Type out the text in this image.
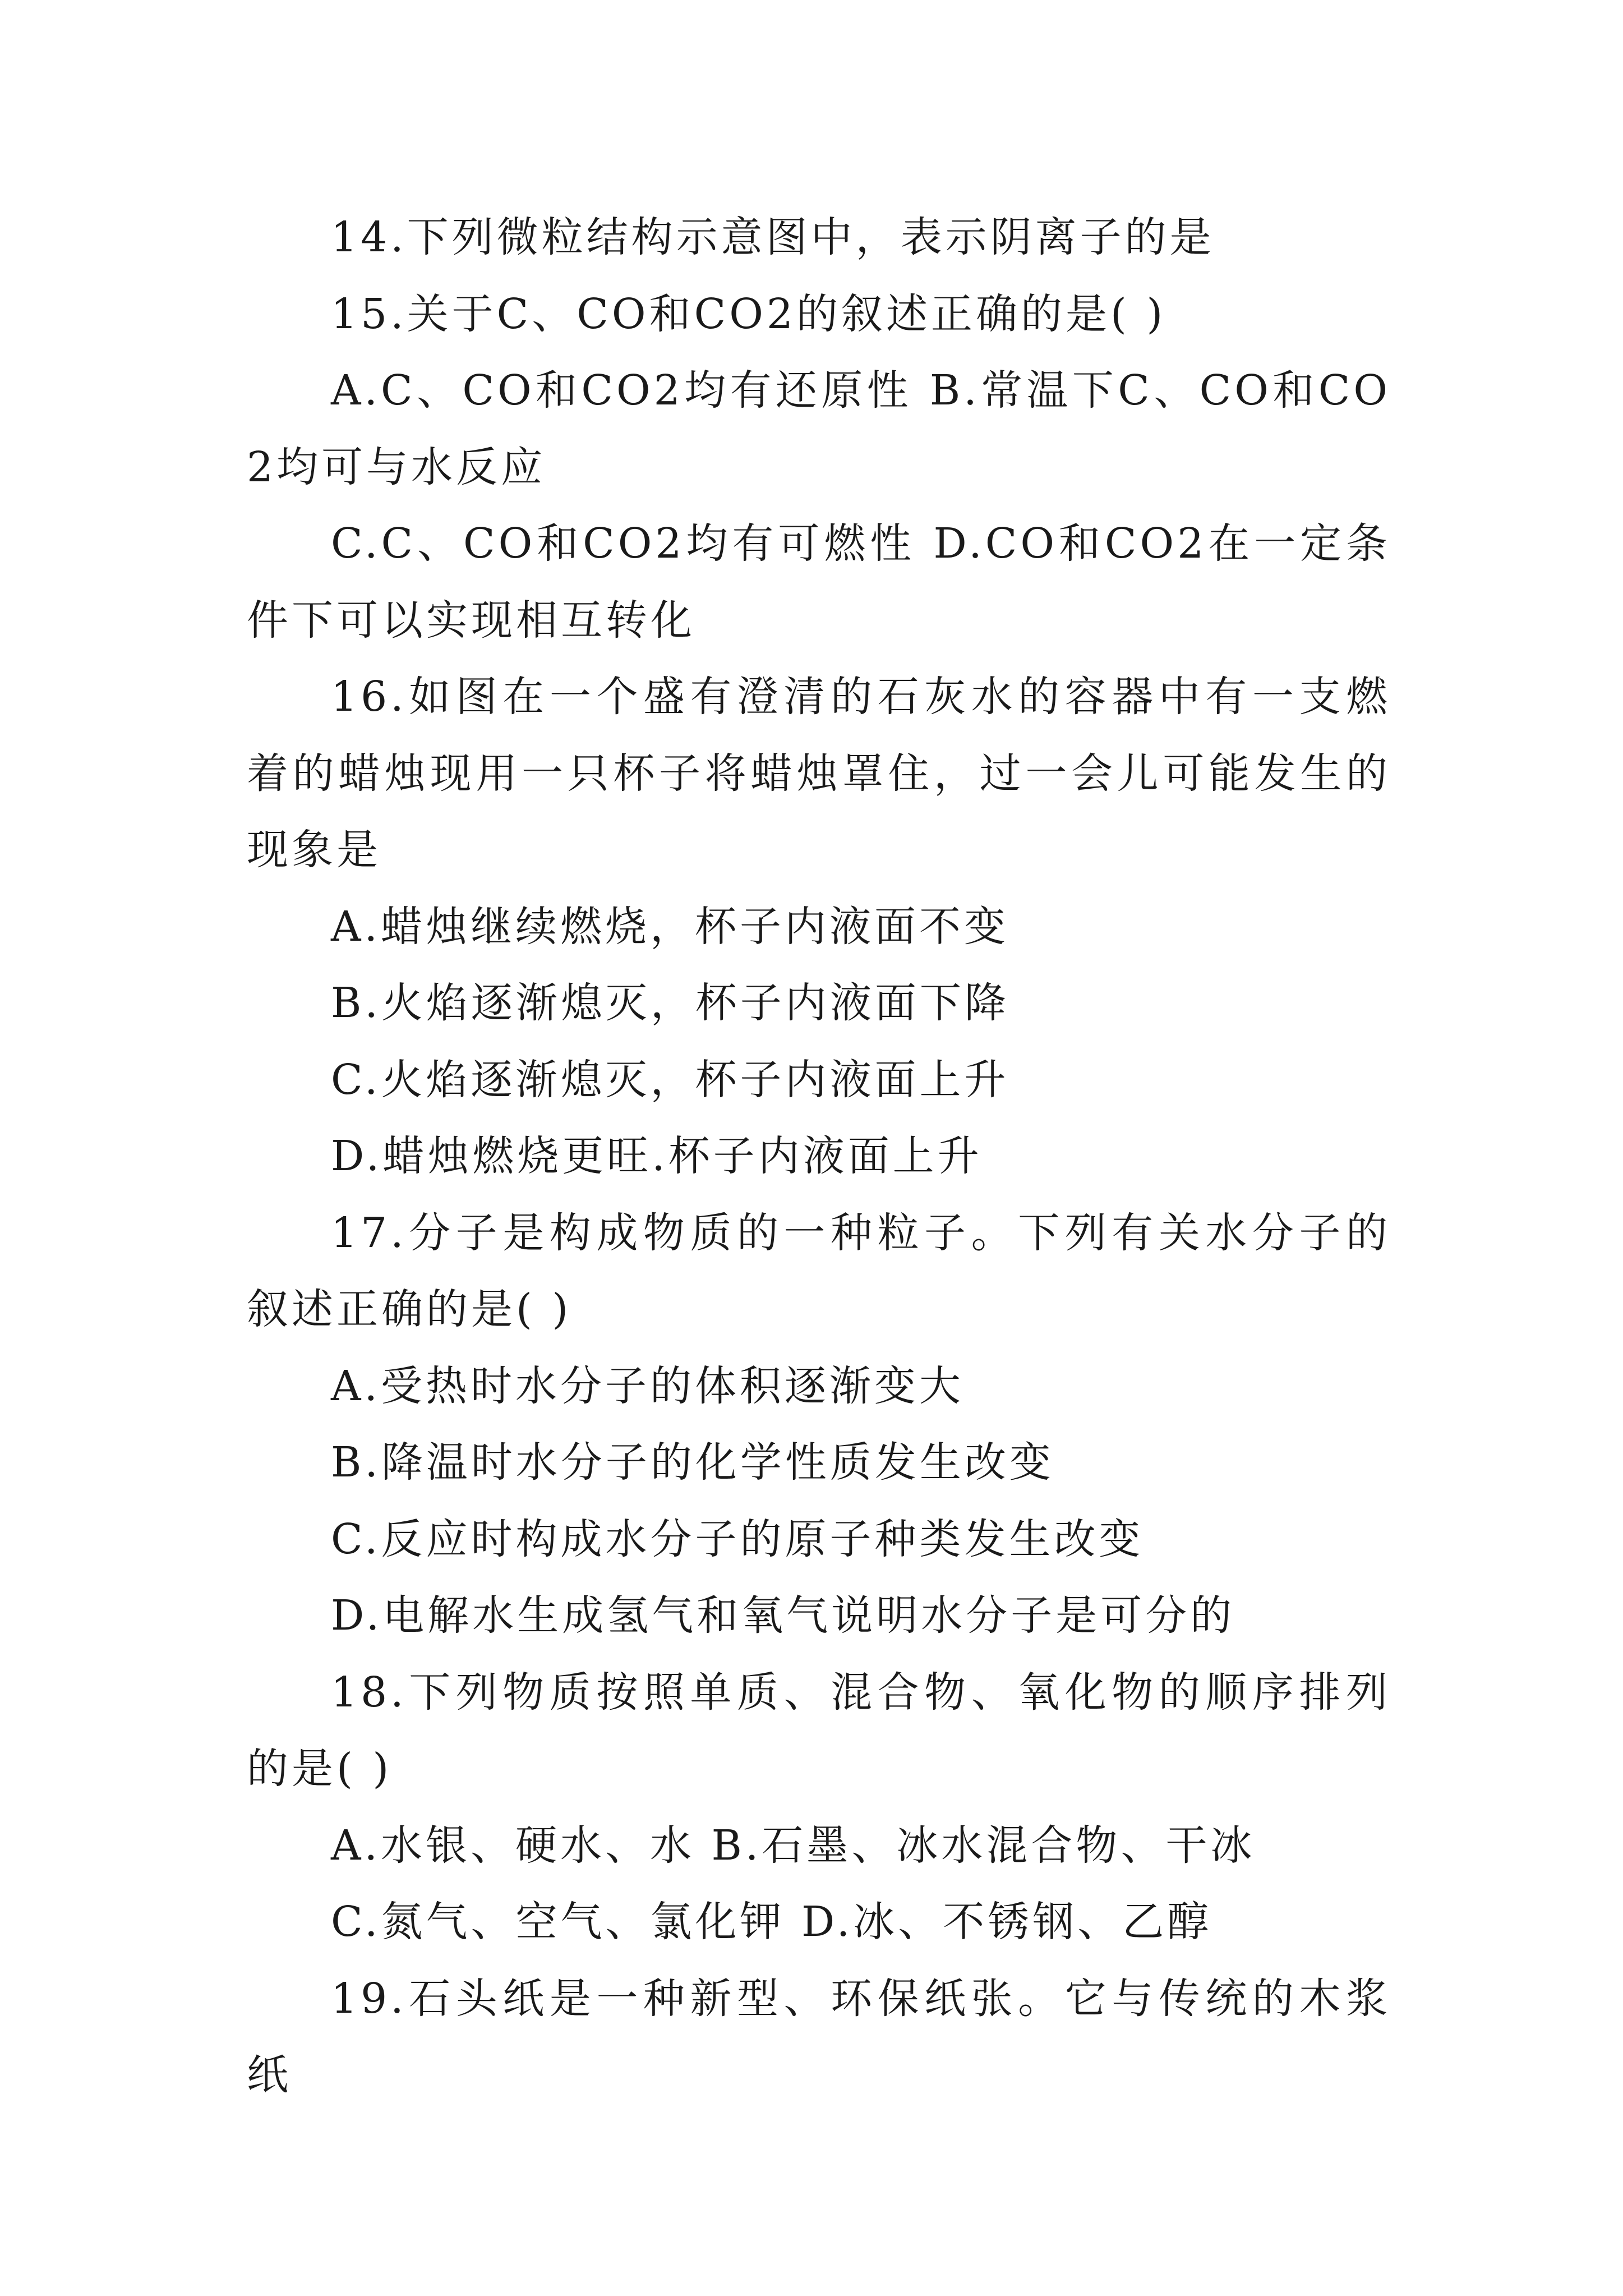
14.下列微粒结构示意图中，表示阴离子的是

15.关于C、CO和CO2的叙述正确的是( )

A.C、CO和CO2均有还原性 B.常温下C、CO和CO2均可与水反应

C.C、CO和CO2均有可燃性 D.CO和CO2在一定条件下可以实现相互转化

16.如图在一个盛有澄清的石灰水的容器中有一支燃着的蜡烛现用一只杯子将蜡烛罩住，过一会儿可能发生的现象是

A.蜡烛继续燃烧，杯子内液面不变

B.火焰逐渐熄灭，杯子内液面下降

C.火焰逐渐熄灭，杯子内液面上升

D.蜡烛燃烧更旺.杯子内液面上升

17.分子是构成物质的一种粒子。下列有关水分子的叙述正确的是( )

A.受热时水分子的体积逐渐变大

B.降温时水分子的化学性质发生改变

C.反应时构成水分子的原子种类发生改变

D.电解水生成氢气和氧气说明水分子是可分的

18.下列物质按照单质、混合物、氧化物的顺序排列的是( )

A.水银、硬水、水 B.石墨、冰水混合物、干冰

C.氮气、空气、氯化钾 D.冰、不锈钢、乙醇

19.石头纸是一种新型、环保纸张。它与传统的木浆纸
